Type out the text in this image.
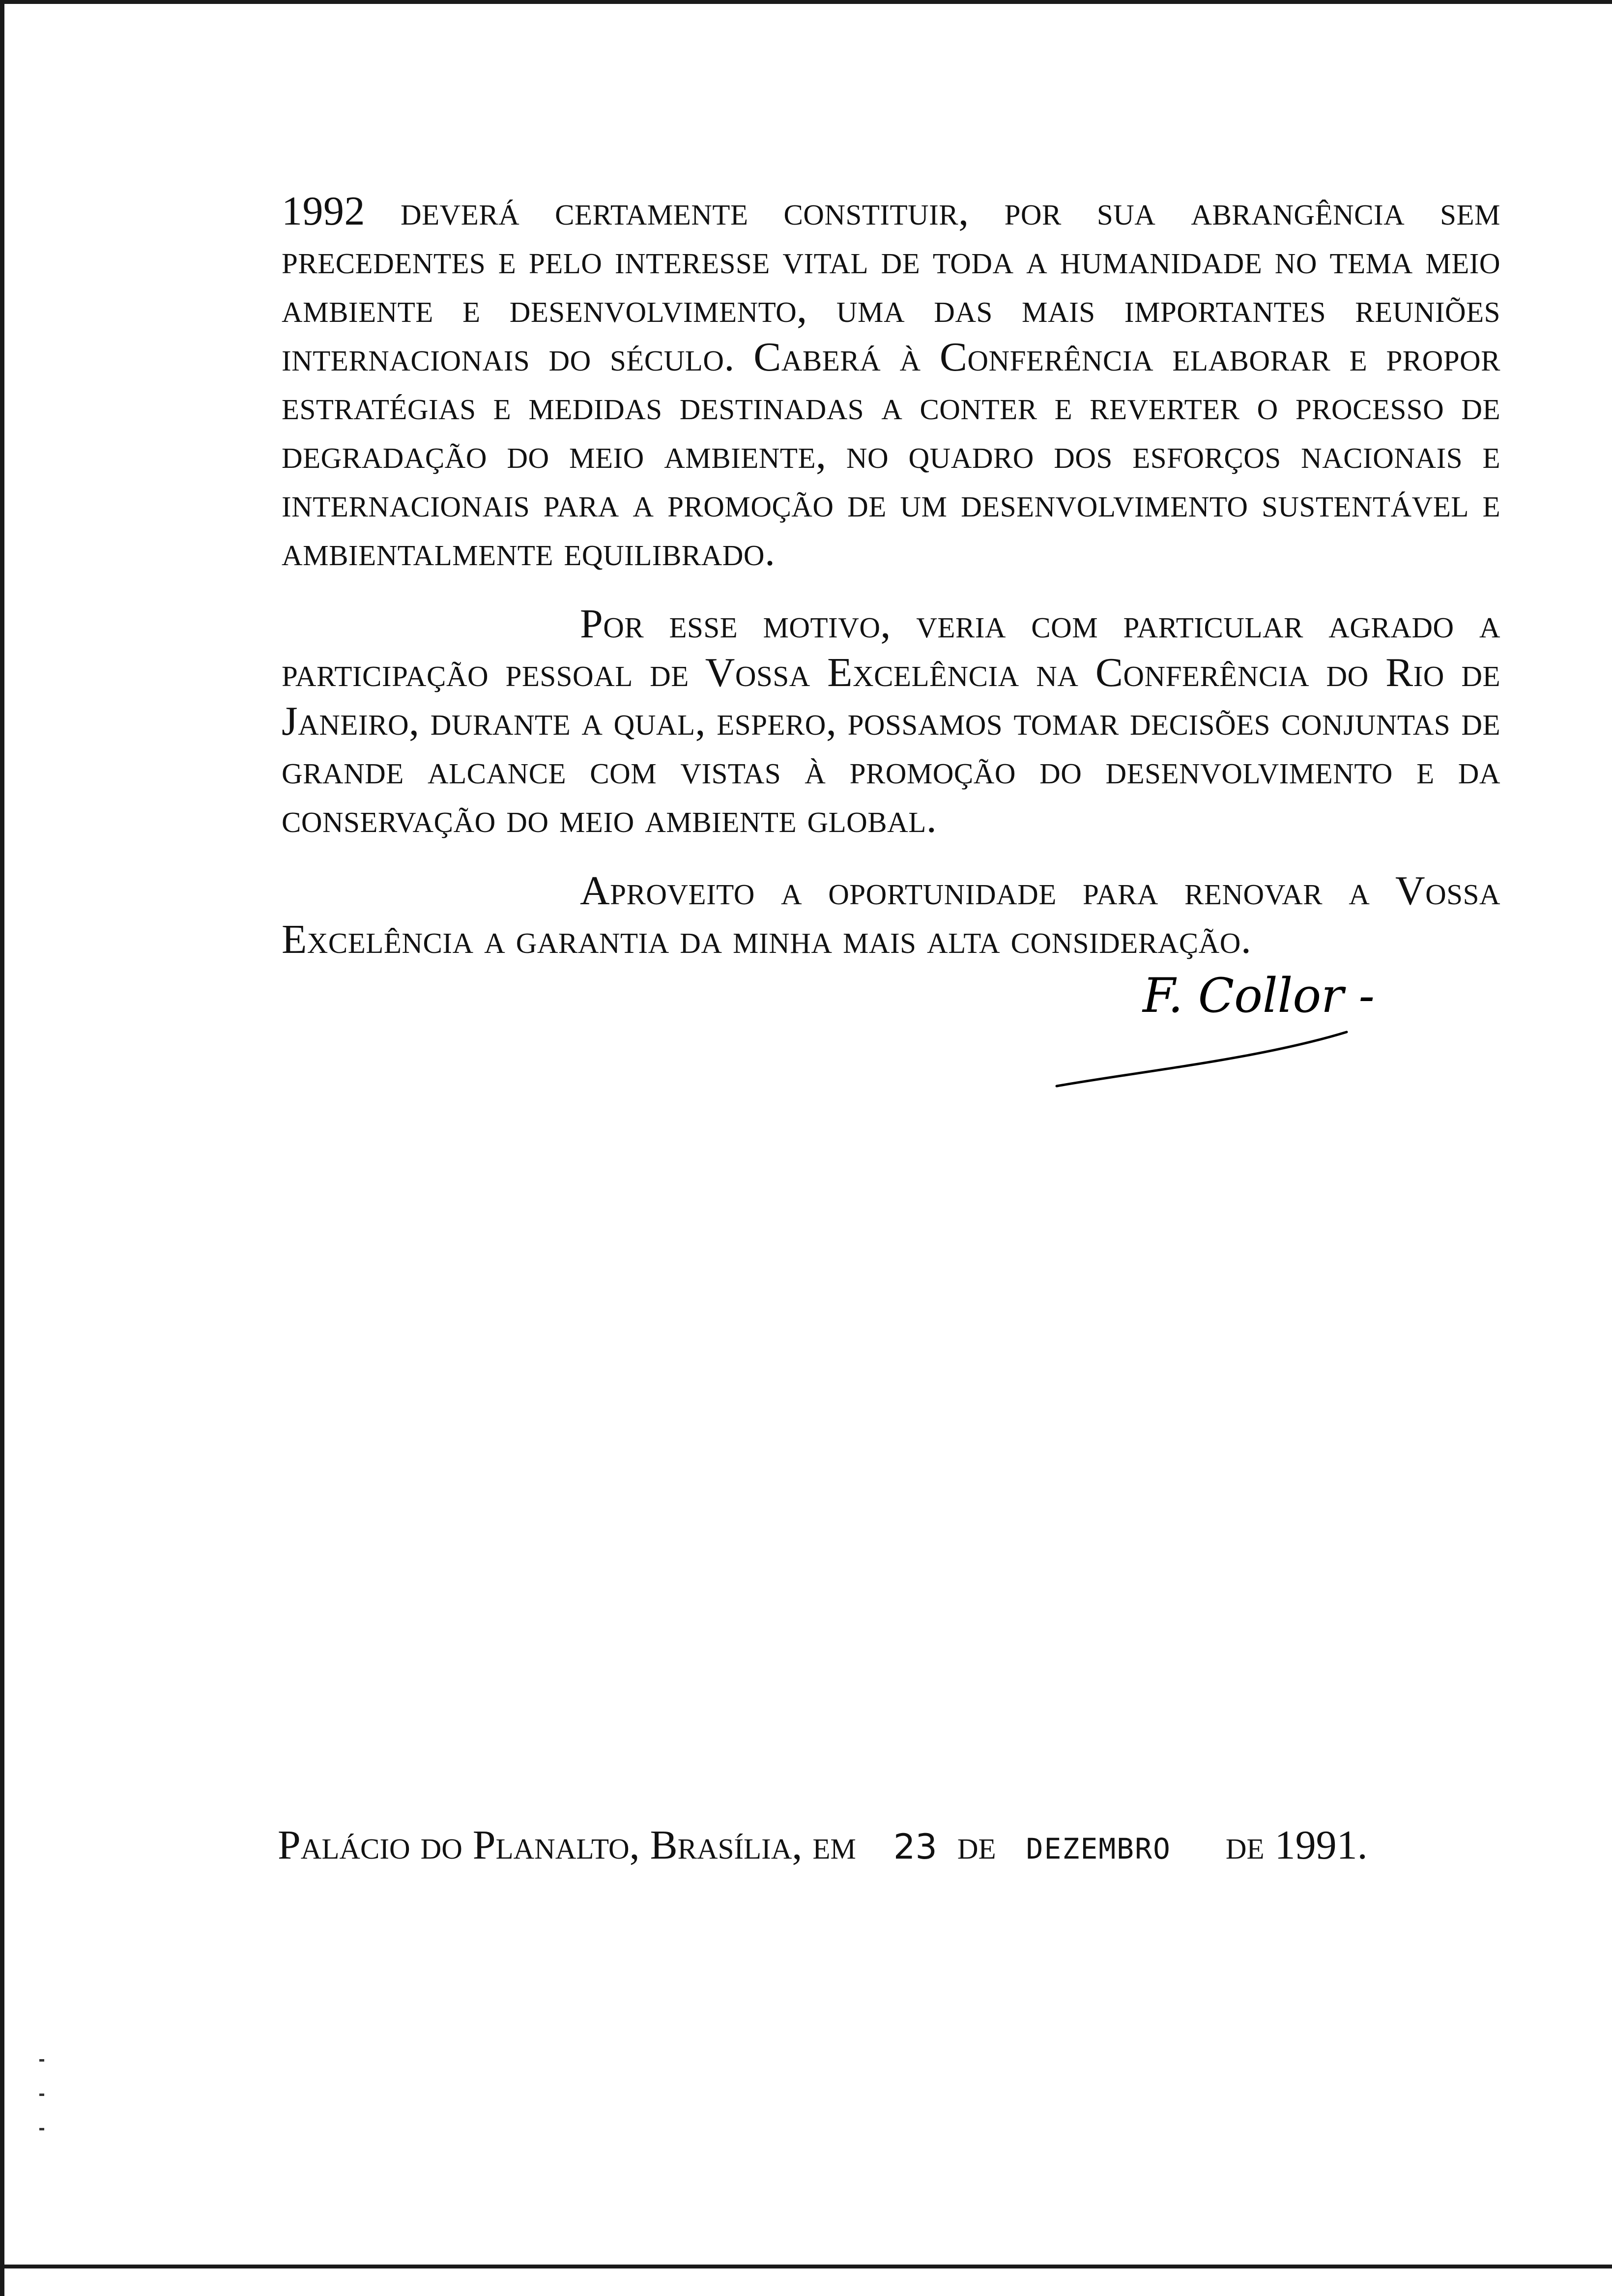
1992 deverá certamente constituir, por sua abrangência sem precedentes e pelo interesse vital de toda a humanidade no tema meio ambiente e desenvolvimento, uma das mais importantes reuniões internacionais do século. Caberá à Conferência elaborar e propor estratégias e medidas destinadas a conter e reverter o processo de degradação do meio ambiente, no quadro dos esforços nacionais e internacionais para a promoção de um desenvolvimento sustentável e ambientalmente equilibrado.

Por esse motivo, veria com particular agrado a participação pessoal de Vossa Excelência na Conferência do Rio de Janeiro, durante a qual, espero, possamos tomar decisões conjuntas de grande alcance com vistas à promoção do desenvolvimento e da conservação do meio ambiente global.

Aproveito a oportunidade para renovar a Vossa Excelência a garantia da minha mais alta consideração.

F. Collor -
Palácio do Planalto, Brasília, em 23 de DEZEMBRO de 1991.
